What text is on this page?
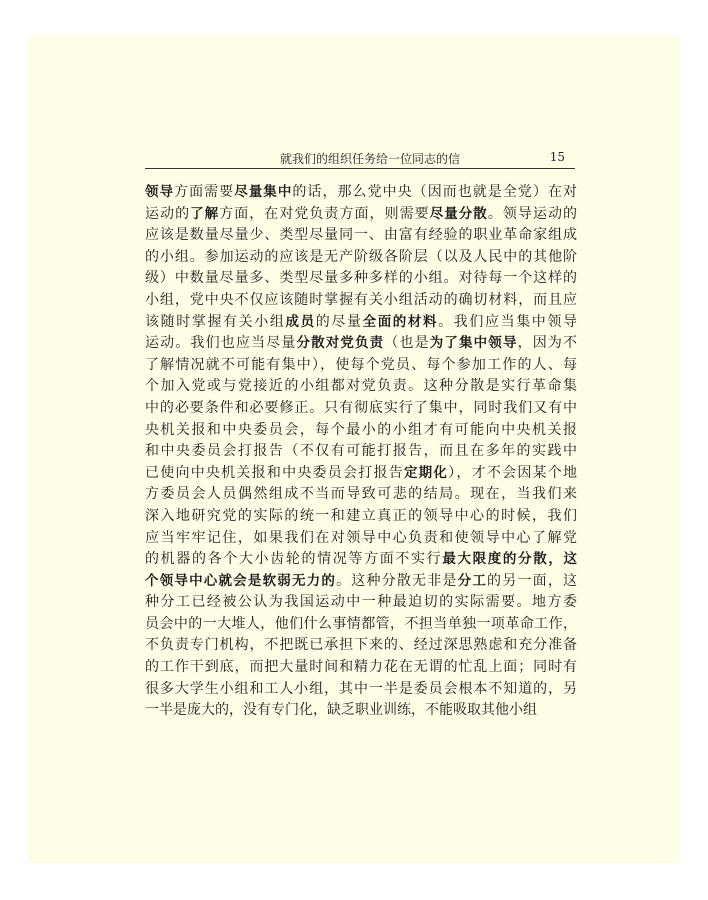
就我们的组织任务给一位同志的信	15
领导方面需要尽量集中的话，那么党中央（因而也就是全党）在对
运动的了解方面，在对党负责方面，则需要尽量分散。领导运动的
应该是数量尽量少、类型尽量同一、由富有经验的职业革命家组成
的小组。参加运动的应该是无产阶级各阶层（以及人民中的其他阶
级）中数量尽量多、类型尽量多种多样的小组。对待每一个这样的
小组，党中央不仅应该随时掌握有关小组活动的确切材料，而且应
该随时掌握有关小组成员的尽量全面的材料。我们应当集中领导
运动。我们也应当尽量分散对党负责（也是为了集中领导，因为不
了解情况就不可能有集中），使每个党员、每个参加工作的人、每
个加入党或与党接近的小组都对党负责。这种分散是实行革命集
中的必要条件和必要修正。只有彻底实行了集中，同时我们又有中
央机关报和中央委员会，每个最小的小组才有可能向中央机关报
和中央委员会打报告（不仅有可能打报告，而且在多年的实践中
已使向中央机关报和中央委员会打报告定期化），才不会因某个地
方委员会人员偶然组成不当而导致可悲的结局。现在，当我们来
深入地研究党的实际的统一和建立真正的领导中心的时候，我们
应当牢牢记住，如果我们在对领导中心负责和使领导中心了解党
的机器的各个大小齿轮的情况等方面不实行最大限度的分散，这
个领导中心就会是软弱无力的。这种分散无非是分工的另一面，这
种分工已经被公认为我国运动中一种最迫切的实际需要。地方委
员会中的一大堆人，他们什么事情都管，不担当单独一项革命工作，
不负责专门机构，不把既已承担下来的、经过深思熟虑和充分准备
的工作干到底，而把大量时间和精力花在无谓的忙乱上面；同时有
很多大学生小组和工人小组，其中一半是委员会根本不知道的，另
一半是庞大的，没有专门化，缺乏职业训练，不能吸取其他小组
